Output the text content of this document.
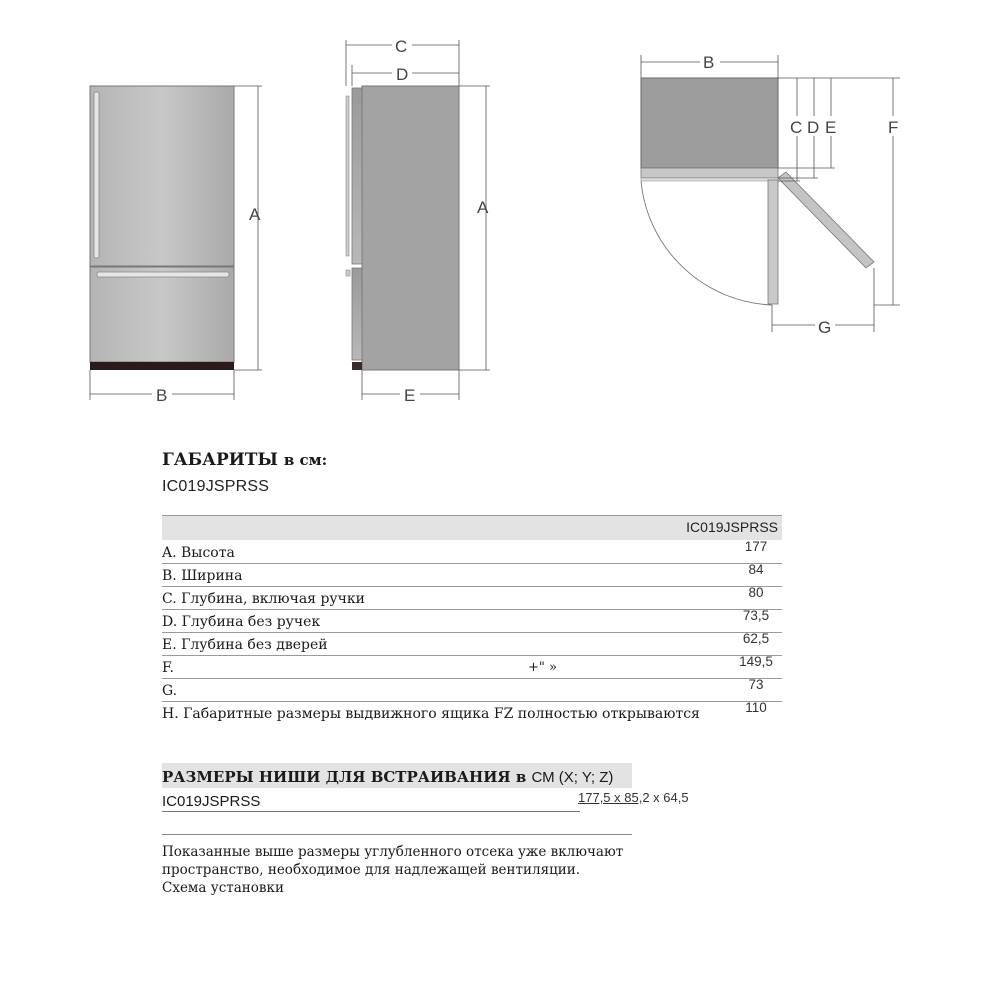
A
B
C
D
A
E
B
C D E	F
G
ГАБАРИТЫ в см:
IC019JSPRSS
IC019JSPRSS
A. Высота	177
B. Ширина	84
C. Глубина, включая ручки	80
D. Глубина без ручек	73,5
E. Глубина без дверей	62,5
F.	+" »	149,5
G.	73
H. Габаритные размеры выдвижного ящика FZ полностью открываются	110
РАЗМЕРЫ НИШИ ДЛЯ ВСТРАИВАНИЯ в СМ (X; Y; Z)
IC019JSPRSS	177,5 x 85,2 x 64,5
Показанные выше размеры углубленного отсека уже включают
пространство, необходимое для надлежащей вентиляции.
Схема установки
